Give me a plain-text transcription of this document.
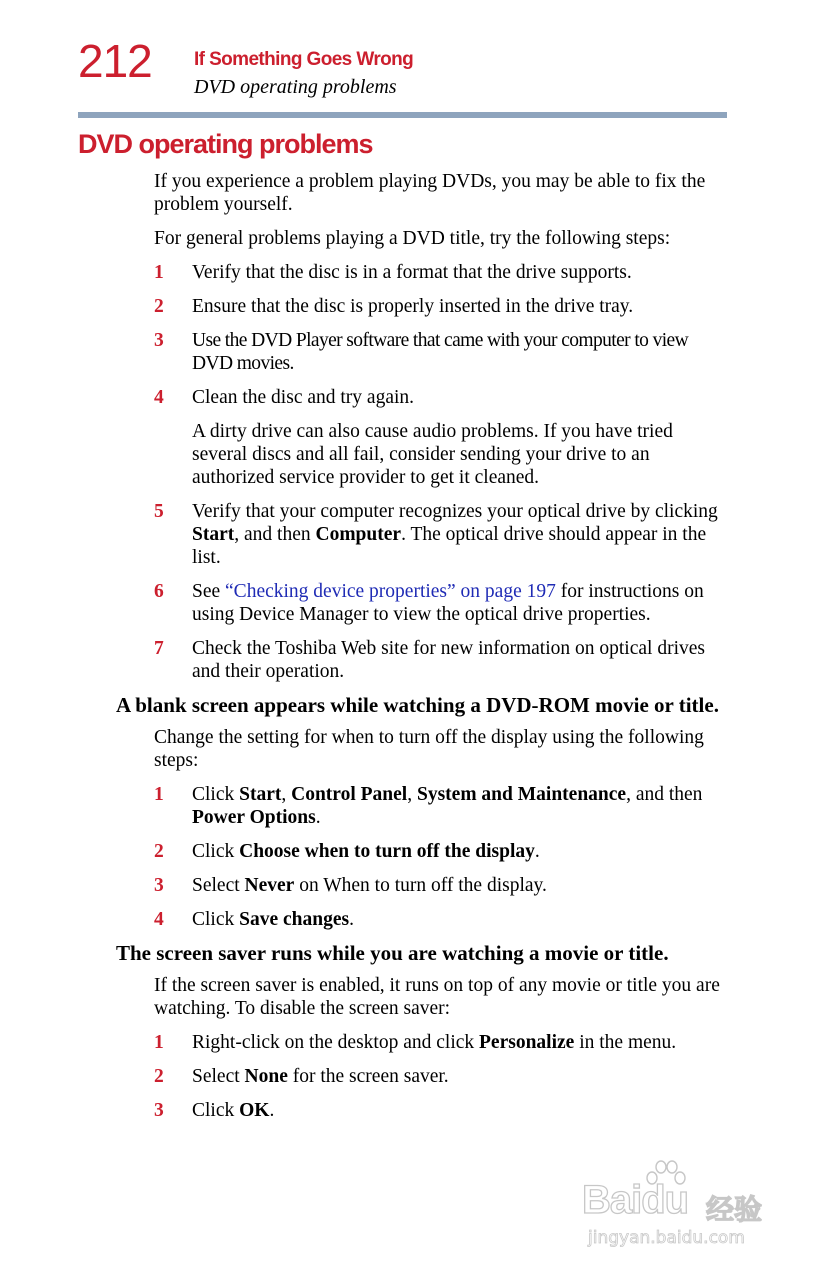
212 If Something Goes Wrong
DVD operating problems
DVD operating problems

If you experience a problem playing DVDs, you may be able to fix the problem yourself.

For general problems playing a DVD title, try the following steps:

1 Verify that the disc is in a format that the drive supports.
2 Ensure that the disc is properly inserted in the drive tray.
3 Use the DVD Player software that came with your computer to view DVD movies.
4 Clean the disc and try again.

A dirty drive can also cause audio problems. If you have tried several discs and all fail, consider sending your drive to an authorized service provider to get it cleaned.

5 Verify that your computer recognizes your optical drive by clicking Start, and then Computer. The optical drive should appear in the list.
6 See “Checking device properties” on page 197 for instructions on using Device Manager to view the optical drive properties.
7 Check the Toshiba Web site for new information on optical drives and their operation.
A blank screen appears while watching a DVD-ROM movie or title.

Change the setting for when to turn off the display using the following steps:

1 Click Start, Control Panel, System and Maintenance, and then Power Options.
2 Click Choose when to turn off the display.
3 Select Never on When to turn off the display.
4 Click Save changes.
The screen saver runs while you are watching a movie or title.

If the screen saver is enabled, it runs on top of any movie or title you are watching. To disable the screen saver:

1 Right-click on the desktop and click Personalize in the menu.
2 Select None for the screen saver.
3 Click OK.
Baidu 经验
jingyan.baidu.com
